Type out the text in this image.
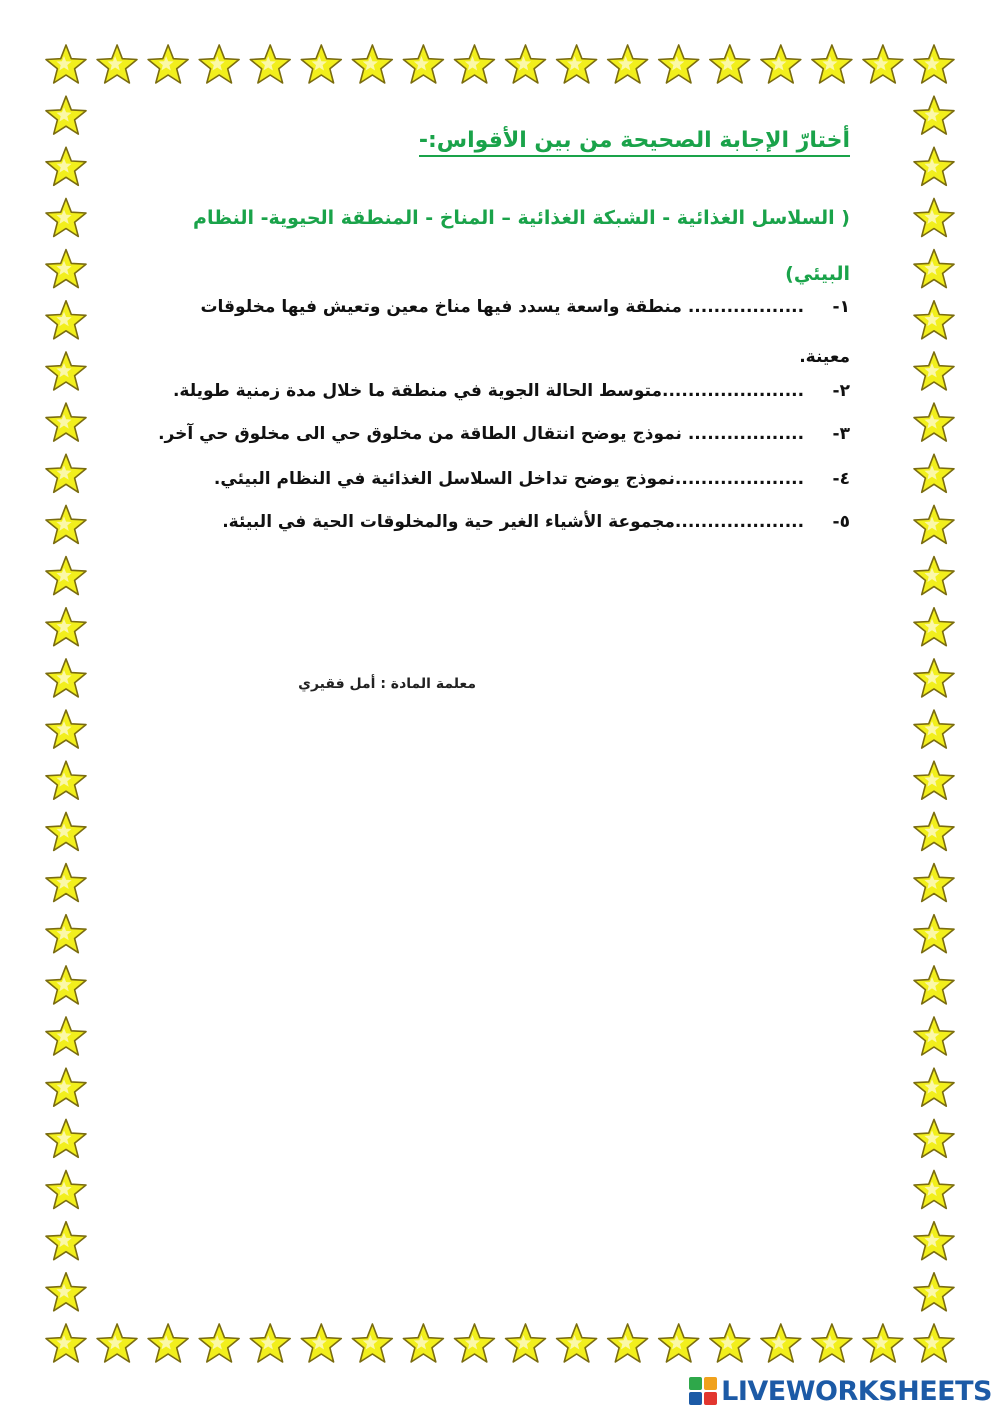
أختارّ الإجابة الصحيحة من بين الأقواس:-
( السلاسل الغذائية - الشبكة الغذائية – المناخ - المنطقة الحيوية- النظام
البيئي)
١- .................. منطقة واسعة يسدد فيها مناخ معين وتعيش فيها مخلوقات معينة.
٢- ......................متوسط الحالة الجوية في منطقة ما خلال مدة زمنية طويلة.
٣- .................. نموذج يوضح انتقال الطاقة من مخلوق حي الى مخلوق حي آخر.
٤- ....................نموذج يوضح تداخل السلاسل الغذائية في النظام البيئي.
٥- ....................مجموعة الأشياء الغير حية والمخلوقات الحية في البيئة.
معلمة المادة : أمل فقيري
LIVEWORKSHEETS
